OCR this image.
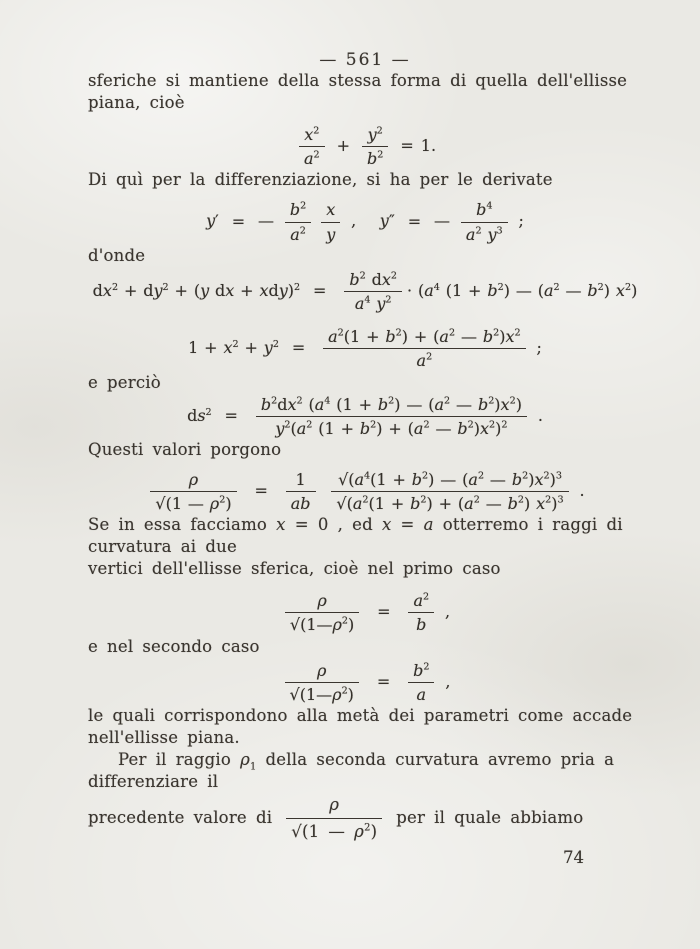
— 561 —

sferiche si mantiene della stessa forma di quella dell'ellisse piana, cioè

$\frac{x^2}{a^2} + \frac{y^2}{b^2} = 1$.

Di quì per la differenziazione, si ha per le derivate

y′ = — $\frac{b^2}{a^2} \frac{x}{y}$ ,    y″ = — $\frac{b^4}{a^2 y^3}$ ;

d'onde

$dx^2 + dy^2 + (y$ dx + $xdy)^2 = \frac{b^2 dx^2}{a^4 y^2} \cdot (a^4$ $(1 + b^2)$ — ($a^2$ — $b^2$) $x^2$)
$1 + x^2 + y^2 = \frac{a^2(1 + b^2) + (a^2 — b^2)x^2}{a^2}$ ;

e perciò

$ds^2 = \frac{b^2dx^2 (a^4 (1 + b^2) — (a^2 — b^2)x^2)}{y^2(a^2 (1 + b^2) + (a^2 — b^2)x^2)^2}$ .

Questi valori porgono

$\frac{\rho}{√(1 — \rho^2)} = \frac{1}{ab}$
$\frac{√(a^4(1 + b^2) — (a^2 — b^2)x^2)^3}{√(a^2(1 + b^2) + (a^2 — b^2) x^2)^3}$ .

Se in essa facciamo x = 0 , ed x = a otterremo i raggi di curvatura ai due

vertici dell'ellisse sferica, cioè nel primo caso

$\frac{\rho}{√(1—\rho^2)} = \frac{a^2}{b}$ ,

e nel secondo caso

$\frac{\rho}{√(1—\rho^2)} = \frac{b^2}{a}$ ,

le quali corrispondono alla metà dei parametri come accade nell'ellisse piana.

Per il raggio $\rho_1$ della seconda curvatura avremo pria a differenziare il

precedente valore di $\frac{\rho}{√(1 — \rho^2)}$ per il quale abbiamo

74
